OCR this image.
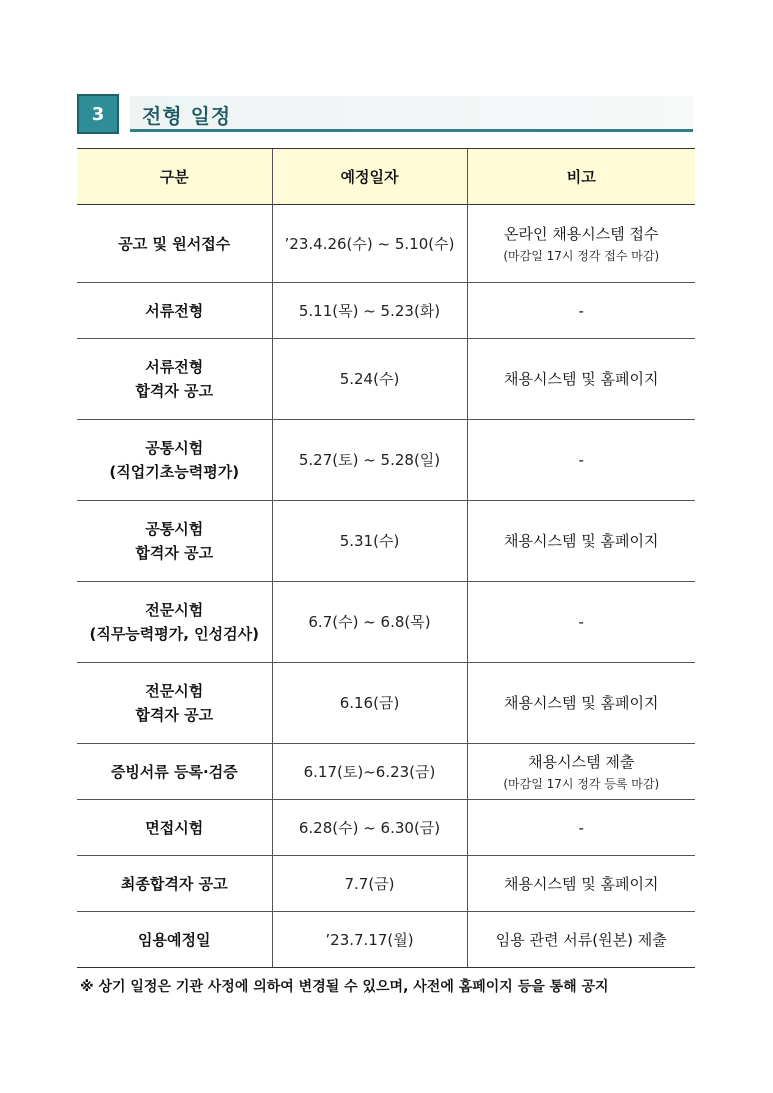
3	전형 일정
구분	예정일자	비고

공고 및 원서접수	’23.4.26(수) ~ 5.10(수)	온라인 채용시스템 접수
(마감일 17시 정각 접수 마감)

서류전형	5.11(목) ~ 5.23(화)	-

서류전형
합격자 공고	5.24(수)	채용시스템 및 홈페이지

공통시험
(직업기초능력평가)	5.27(토) ~ 5.28(일)	-

공통시험
합격자 공고	5.31(수)	채용시스템 및 홈페이지

전문시험
(직무능력평가, 인성검사)	6.7(수) ~ 6.8(목)	-

전문시험
합격자 공고	6.16(금)	채용시스템 및 홈페이지

증빙서류 등록·검증	6.17(토)~6.23(금)	채용시스템 제출
(마감일 17시 정각 등록 마감)

면접시험	6.28(수) ~ 6.30(금)	-

최종합격자 공고	7.7(금)	채용시스템 및 홈페이지

임용예정일	’23.7.17(월)	임용 관련 서류(원본) 제출
※ 상기 일정은 기관 사정에 의하여 변경될 수 있으며, 사전에 홈페이지 등을 통해 공지
